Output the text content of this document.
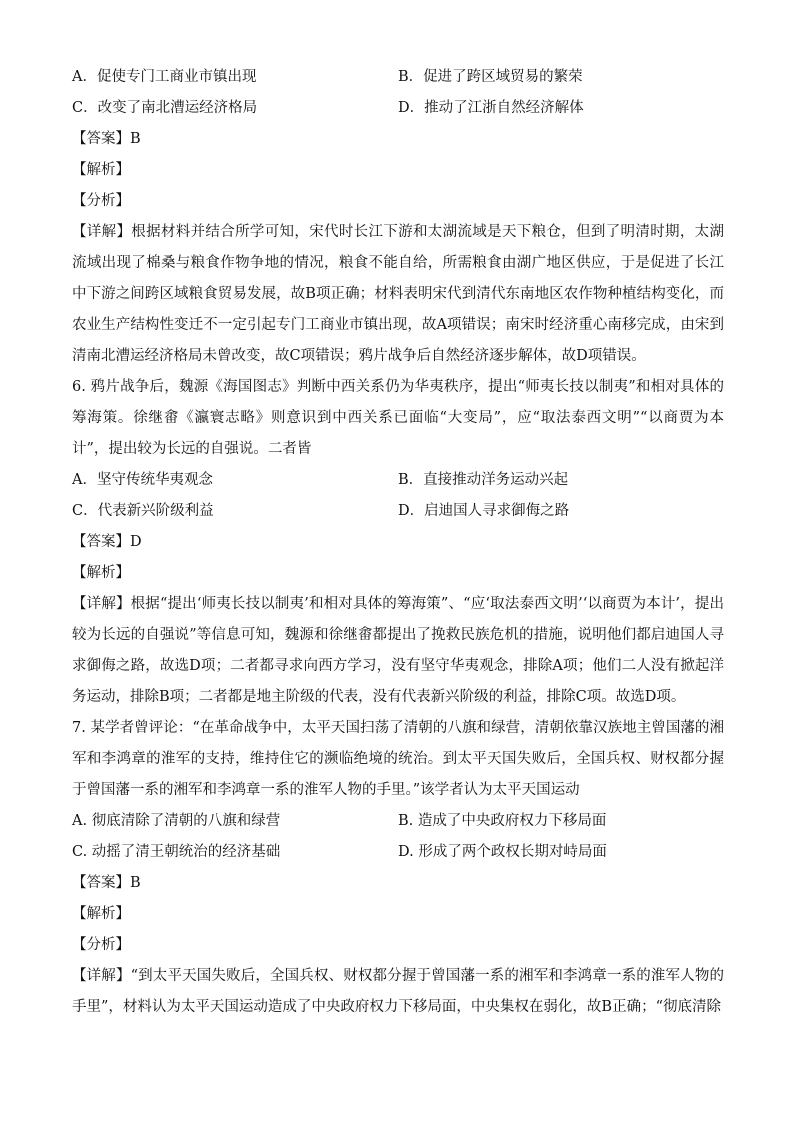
A．促使专门工商业市镇出现	B．促进了跨区域贸易的繁荣
C．改变了南北漕运经济格局	D．推动了江浙自然经济解体
【答案】B
【解析】
【分析】
【详解】根据材料并结合所学可知，宋代时长江下游和太湖流域是天下粮仓，但到了明清时期，太湖流域出现了棉桑与粮食作物争地的情况，粮食不能自给，所需粮食由湖广地区供应，于是促进了长江中下游之间跨区域粮食贸易发展，故B项正确；材料表明宋代到清代东南地区农作物种植结构变化，而农业生产结构性变迁不一定引起专门工商业市镇出现，故A项错误；南宋时经济重心南移完成，由宋到清南北漕运经济格局未曾改变，故C项错误；鸦片战争后自然经济逐步解体，故D项错误。
6. 鸦片战争后，魏源《海国图志》判断中西关系仍为华夷秩序，提出“师夷长技以制夷”和相对具体的筹海策。徐继畬《瀛寰志略》则意识到中西关系已面临“大变局”，应“取法泰西文明”“以商贾为本计”，提出较为长远的自强说。二者皆
A．坚守传统华夷观念	B．直接推动洋务运动兴起
C．代表新兴阶级利益	D．启迪国人寻求御侮之路
【答案】D
【解析】
【详解】根据“提出‘师夷长技以制夷’和相对具体的筹海策”、“应‘取法泰西文明’‘以商贾为本计’，提出较为长远的自强说”等信息可知，魏源和徐继畬都提出了挽救民族危机的措施，说明他们都启迪国人寻求御侮之路，故选D项；二者都寻求向西方学习，没有坚守华夷观念，排除A项；他们二人没有掀起洋务运动，排除B项；二者都是地主阶级的代表，没有代表新兴阶级的利益，排除C项。故选D项。
7. 某学者曾评论：“在革命战争中，太平天国扫荡了清朝的八旗和绿营，清朝依靠汉族地主曾国藩的湘军和李鸿章的淮军的支持，维持住它的濒临绝境的统治。到太平天国失败后，全国兵权、财权都分握于曾国藩一系的湘军和李鸿章一系的淮军人物的手里。”该学者认为太平天国运动
A. 彻底清除了清朝的八旗和绿营	B. 造成了中央政府权力下移局面
C. 动摇了清王朝统治的经济基础	D. 形成了两个政权长期对峙局面
【答案】B
【解析】
【分析】
【详解】“到太平天国失败后，全国兵权、财权都分握于曾国藩一系的湘军和李鸿章一系的淮军人物的手里”，材料认为太平天国运动造成了中央政府权力下移局面，中央集权在弱化，故B正确；“彻底清除
